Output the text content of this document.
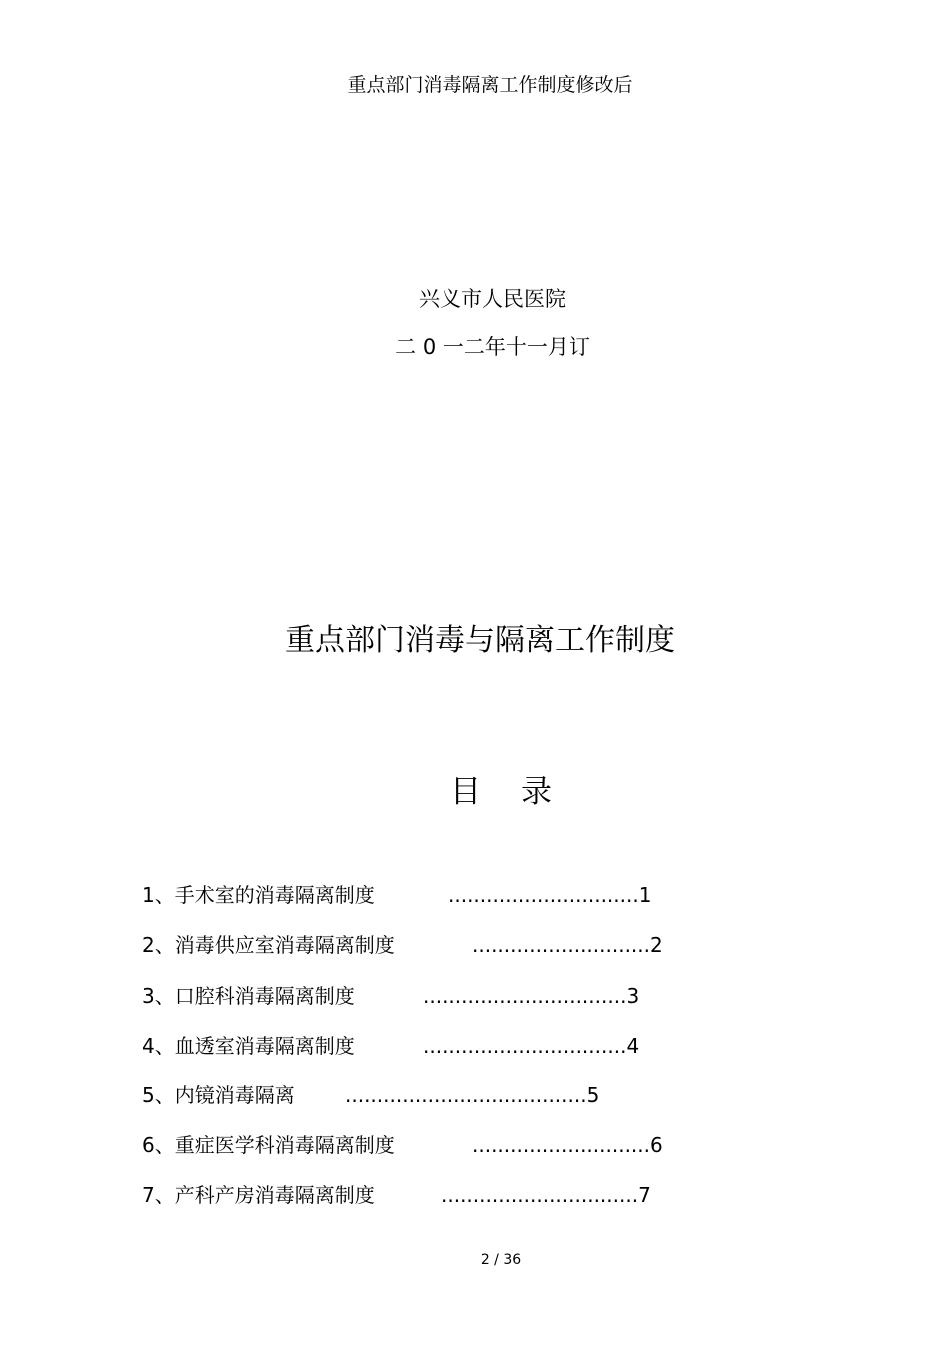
重点部门消毒隔离工作制度修改后
兴义市人民医院
二 0 一二年十一月订
重点部门消毒与隔离工作制度
目 录
1、手术室的消毒隔离制度	..............................1
2、消毒供应室消毒隔离制度	............................2
3、口腔科消毒隔离制度	................................3
4、血透室消毒隔离制度	................................4
5、内镜消毒隔离	......................................5
6、重症医学科消毒隔离制度	............................6
7、产科产房消毒隔离制度	...............................7
2 / 36
